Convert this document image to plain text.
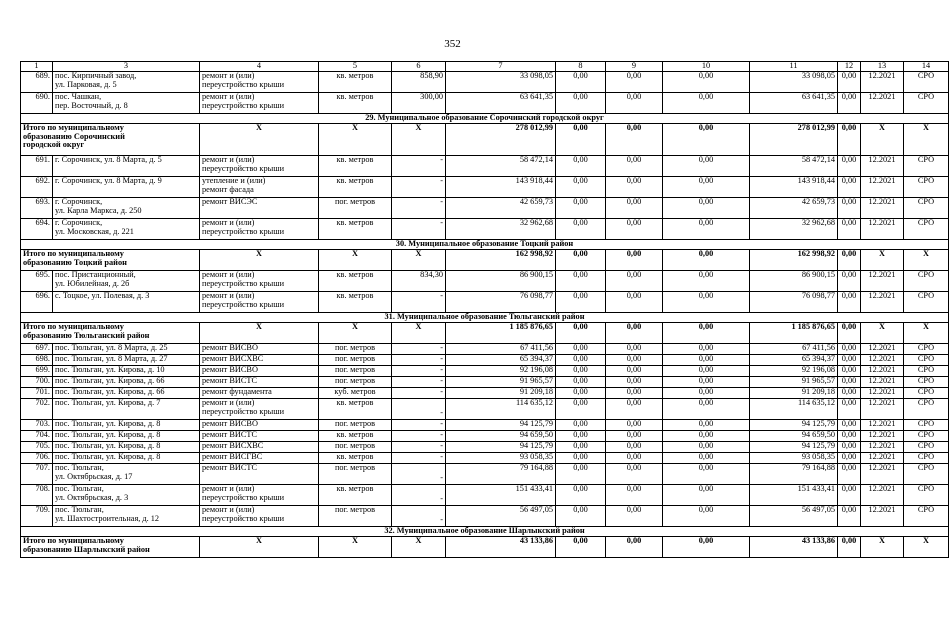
352
1	3	4	5	6	7	8	9	10	11	12	13	14
689.	пос. Кирпичный завод,
ул. Парковая, д. 5	ремонт и (или)
переустройство крыши	кв. метров	858,90	33 098,05	0,00	0,00	0,00	33 098,05	0,00	12.2021	СРО
690.	пос. Чашкан,
пер. Восточный, д. 8	ремонт и (или)
переустройство крыши	кв. метров	300,00	63 641,35	0,00	0,00	0,00	63 641,35	0,00	12.2021	СРО
29. Муниципальное образование Сорочинский городской округ												
Итого по муниципальному
образованию Сорочинский
городской округ		X	X	X	278 012,99	0,00	0,00	0,00	278 012,99	0,00	X	X
691.	г. Сорочинск, ул. 8 Марта, д. 5	ремонт и (или)
переустройство крыши	кв. метров	-	58 472,14	0,00	0,00	0,00	58 472,14	0,00	12.2021	СРО
692.	г. Сорочинск, ул. 8 Марта, д. 9	утепление и (или)
ремонт фасада	кв. метров	-	143 918,44	0,00	0,00	0,00	143 918,44	0,00	12.2021	СРО
693.	г. Сорочинск,
ул. Карла Маркса, д. 250	ремонт ВИСЭС	пог. метров	-	42 659,73	0,00	0,00	0,00	42 659,73	0,00	12.2021	СРО
694.	г. Сорочинск,
ул. Московская, д. 221	ремонт и (или)
переустройство крыши	кв. метров	-	32 962,68	0,00	0,00	0,00	32 962,68	0,00	12.2021	СРО
30. Муниципальное образование Тоцкий район												
Итого по муниципальному
образованию Тоцкий район		X	X	X	162 998,92	0,00	0,00	0,00	162 998,92	0,00	X	X
695.	пос. Пристанционный,
ул. Юбилейная, д. 2б	ремонт и (или)
переустройство крыши	кв. метров	834,30	86 900,15	0,00	0,00	0,00	86 900,15	0,00	12.2021	СРО
696.	с. Тоцкое, ул. Полевая, д. 3	ремонт и (или)
переустройство крыши	кв. метров	-	76 098,77	0,00	0,00	0,00	76 098,77	0,00	12.2021	СРО
31. Муниципальное образование Тюльганский район												
Итого по муниципальному
образованию Тюльганский район		X	X	X	1 185 876,65	0,00	0,00	0,00	1 185 876,65	0,00	X	X
697.	пос. Тюльган, ул. 8 Марта, д. 25	ремонт ВИСВО	пог. метров	-	67 411,56	0,00	0,00	0,00	67 411,56	0,00	12.2021	СРО
698.	пос. Тюльган, ул. 8 Марта, д. 27	ремонт ВИСХВС	пог. метров	-	65 394,37	0,00	0,00	0,00	65 394,37	0,00	12.2021	СРО
699.	пос. Тюльган, ул. Кирова, д. 10	ремонт ВИСВО	пог. метров	-	92 196,08	0,00	0,00	0,00	92 196,08	0,00	12.2021	СРО
700.	пос. Тюльган, ул. Кирова, д. 66	ремонт ВИСТС	пог. метров	-	91 965,57	0,00	0,00	0,00	91 965,57	0,00	12.2021	СРО
701.	пос. Тюльган, ул. Кирова, д. 66	ремонт фундамента	куб. метров	-	91 209,18	0,00	0,00	0,00	91 209,18	0,00	12.2021	СРО
702.	пос. Тюльган, ул. Кирова, д. 7	ремонт и (или)
переустройство крыши	кв. метров	-	114 635,12	0,00	0,00	0,00	114 635,12	0,00	12.2021	СРО
703.	пос. Тюльган, ул. Кирова, д. 8	ремонт ВИСВО	пог. метров	-	94 125,79	0,00	0,00	0,00	94 125,79	0,00	12.2021	СРО
704.	пос. Тюльган, ул. Кирова, д. 8	ремонт ВИСТС	кв. метров	-	94 659,50	0,00	0,00	0,00	94 659,50	0,00	12.2021	СРО
705.	пос. Тюльган, ул. Кирова, д. 8	ремонт ВИСХВС	пог. метров	-	94 125,79	0,00	0,00	0,00	94 125,79	0,00	12.2021	СРО
706.	пос. Тюльган, ул. Кирова, д. 8	ремонт ВИСГВС	кв. метров	-	93 058,35	0,00	0,00	0,00	93 058,35	0,00	12.2021	СРО
707.	пос. Тюльган,
ул. Октябрьская, д. 17	ремонт ВИСТС	пог. метров	-	79 164,88	0,00	0,00	0,00	79 164,88	0,00	12.2021	СРО
708.	пос. Тюльган,
ул. Октябрьская, д. 3	ремонт и (или)
переустройство крыши	кв. метров	-	151 433,41	0,00	0,00	0,00	151 433,41	0,00	12.2021	СРО
709.	пос. Тюльган,
ул. Шахтостроительная, д. 12	ремонт и (или)
переустройство крыши	пог. метров	-	56 497,05	0,00	0,00	0,00	56 497,05	0,00	12.2021	СРО
32. Муниципальное образование Шарлыкский район												
Итого по муниципальному
образованию Шарлыкский район		X	X	X	43 133,86	0,00	0,00	0,00	43 133,86	0,00	X	X
